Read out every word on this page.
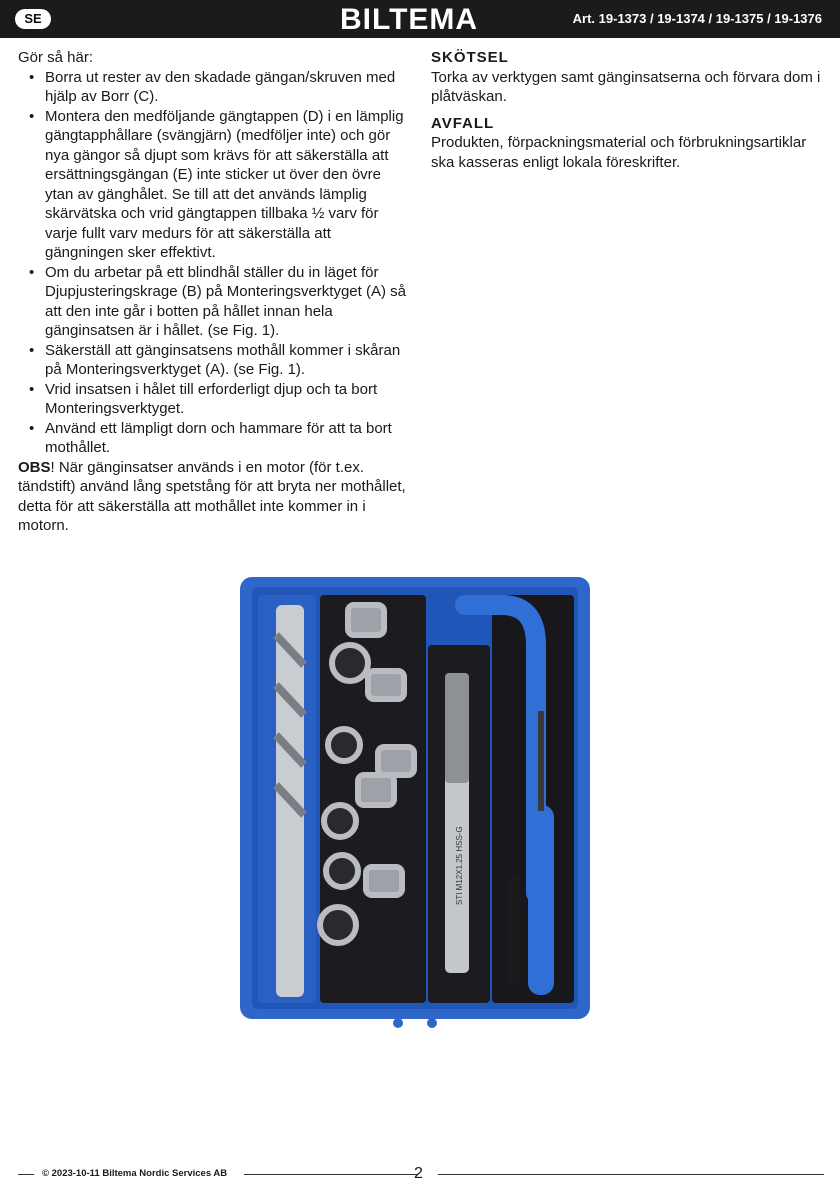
SE	BILTEMA	Art. 19-1373 / 19-1374 / 19-1375 / 19-1376

Gör så här:

• Borra ut rester av den skadade gängan/skruven med hjälp av Borr (C).
• Montera den medföljande gängtappen (D) i en lämplig gängtapphållare (svängjärn) (medföljer inte) och gör nya gängor så djupt som krävs för att säkerställa att ersättningsgängan (E) inte sticker ut över den övre ytan av gänghålet. Se till att det används lämplig skärvätska och vrid gängtappen tillbaka ½ varv för varje fullt varv medurs för att säkerställa att gängningen sker effektivt.
• Om du arbetar på ett blindhål ställer du in läget för Djupjusteringskrage (B) på Monteringsverktyget (A) så att den inte går i botten på hållet innan hela gänginsatsen är i hållet. (se Fig. 1).
• Säkerställ att gänginsatsens mothåll kommer i skåran på Monteringsverktyget (A). (se Fig. 1).
• Vrid insatsen i hålet till erforderligt djup och ta bort Monteringsverktyget.
• Använd ett lämpligt dorn och hammare för att ta bort mothållet.

OBS! När gänginsatser används i en motor (för t.ex. tändstift) använd lång spetstång för att bryta ner mothållet, detta för att säkerställa att mothållet inte kommer in i motorn.

SKÖTSEL

Torka av verktygen samt gänginsatserna och förvara dom i plåtväskan.

AVFALL

Produkten, förpackningsmaterial och förbrukningsartiklar ska kasseras enligt lokala föreskrifter.

STI M12X1.25 HSS-G
© 2023-10-11 Biltema Nordic Services AB	2
